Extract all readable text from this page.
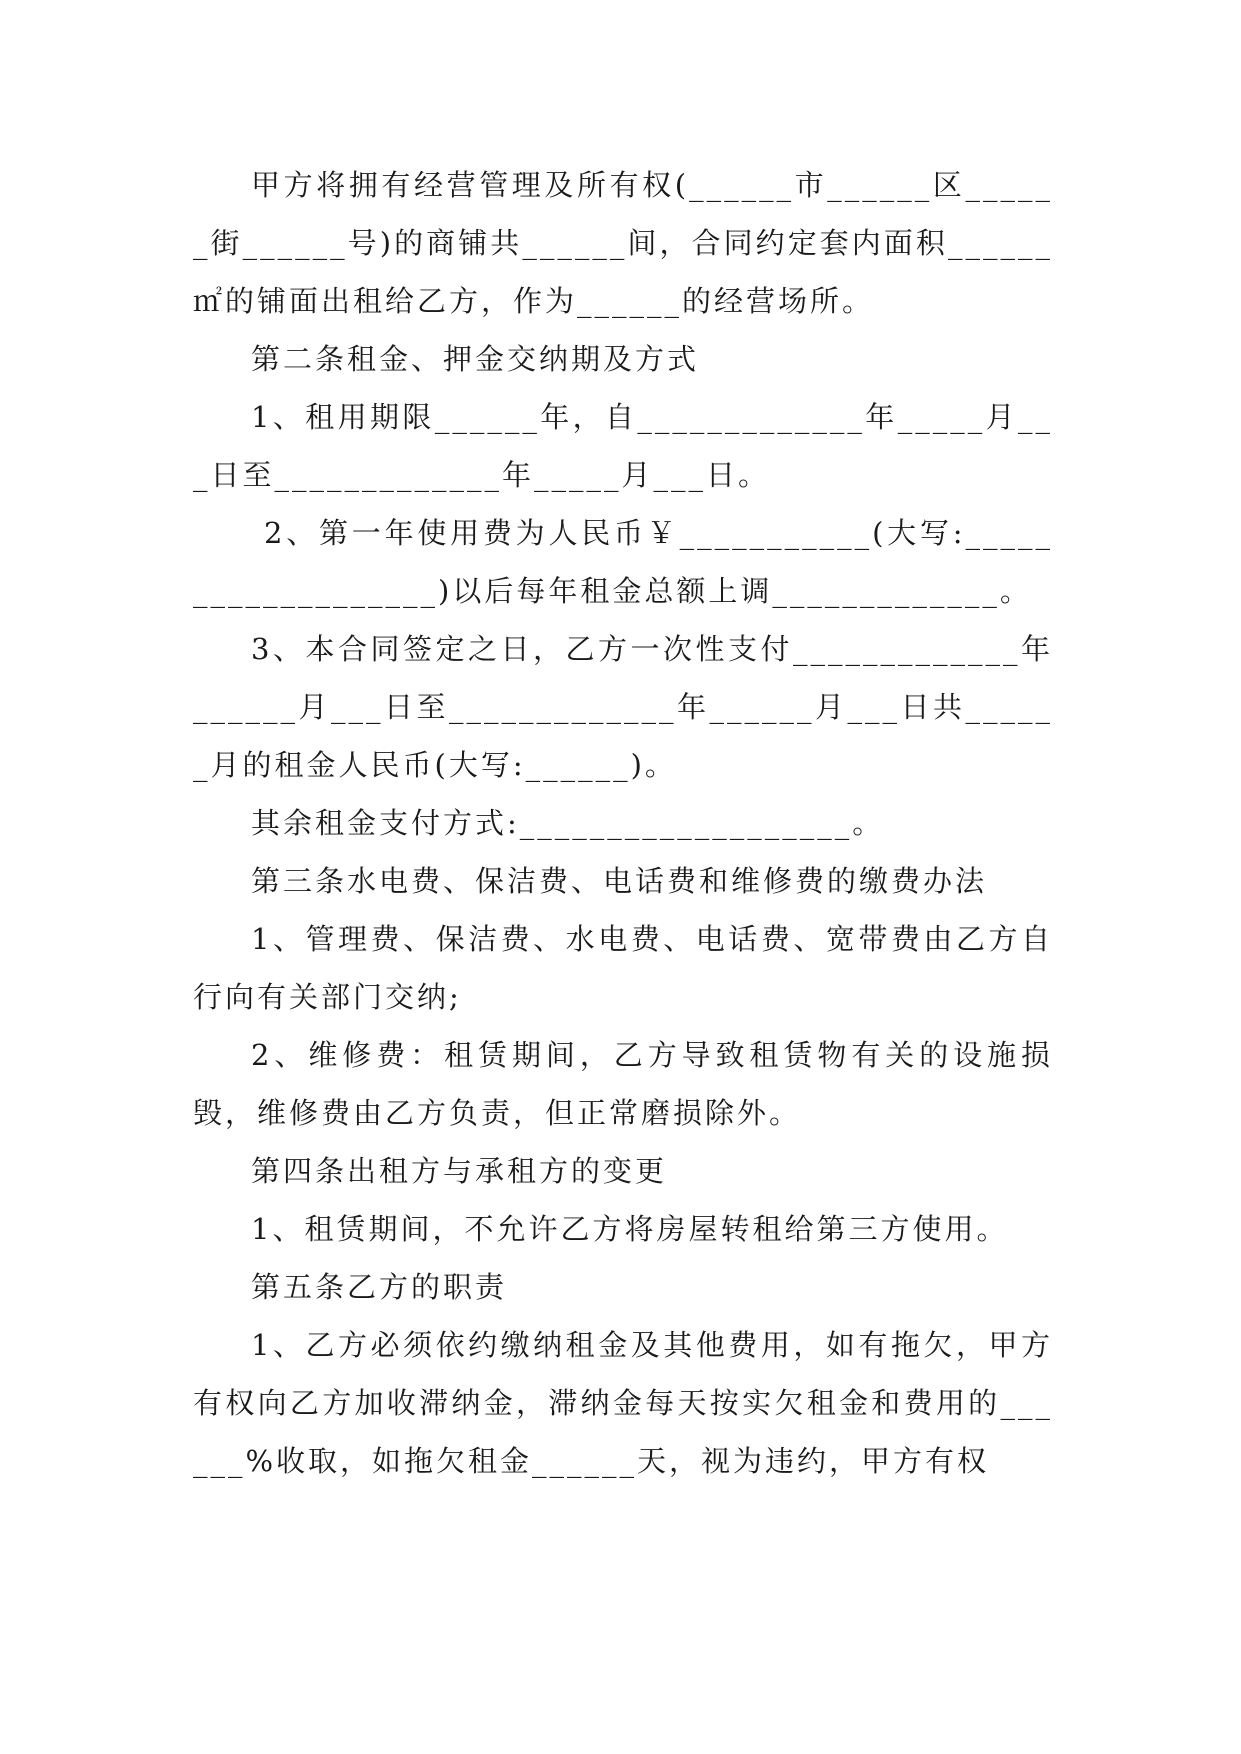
甲方将拥有经营管理及所有权(______市______区______街______号)的商铺共______间，合同约定套内面积______㎡的铺面出租给乙方，作为______的经营场所。

第二条租金、押金交纳期及方式

1、租用期限______年，自_____________年_____月___日至_____________年_____月___日。

2、第一年使用费为人民币￥___________(大写:___________________)以后每年租金总额上调_____________。

3、本合同签定之日，乙方一次性支付_____________年______月___日至_____________年______月___日共______月的租金人民币(大写:______)。

其余租金支付方式:___________________。

第三条水电费、保洁费、电话费和维修费的缴费办法

1、管理费、保洁费、水电费、电话费、宽带费由乙方自行向有关部门交纳;

2、维修费：租赁期间，乙方导致租赁物有关的设施损毁，维修费由乙方负责，但正常磨损除外。

第四条出租方与承租方的变更

1、租赁期间，不允许乙方将房屋转租给第三方使用。

第五条乙方的职责

1、乙方必须依约缴纳租金及其他费用，如有拖欠，甲方有权向乙方加收滞纳金，滞纳金每天按实欠租金和费用的______%收取，如拖欠租金______天，视为违约，甲方有权
